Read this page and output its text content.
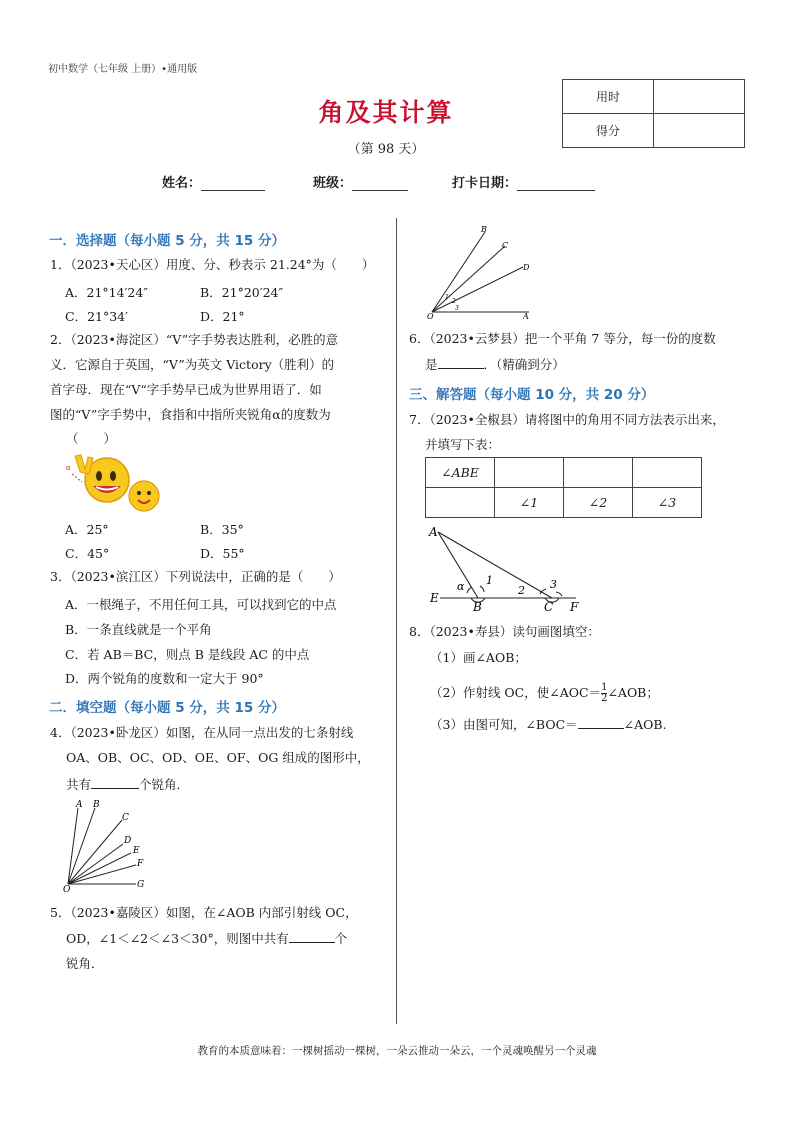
初中数学（七年级 上册）•通用版
角及其计算
（第 98 天）
用时	
得分	
姓名：	班级：	打卡日期：
一．选择题（每小题 5 分，共 15 分）
1．（2023•天心区）用度、分、秒表示 21.24°为（　　）
A．21°14′24″	B．21°20′24″
C．21°34′	D．21°
2．（2023•海淀区）“V”字手势表达胜利，必胜的意
义．它源自于英国，“V”为英文 Victory（胜利）的
首字母．现在“V“字手势早已成为世界用语了．如
图的“V”字手势中，食指和中指所夹锐角α的度数为
（　　）
α
A．25°	B．35°
C．45°	D．55°
3．（2023•滨江区）下列说法中，正确的是（　　）
A．一根绳子，不用任何工具，可以找到它的中点
B．一条直线就是一个平角
C．若 AB＝BC，则点 B 是线段 AC 的中点
D．两个锐角的度数和一定大于 90°
二．填空题（每小题 5 分，共 15 分）
4．（2023•卧龙区）如图，在从同一点出发的七条射线
OA、OB、OC、OD、OE、OF、OG 组成的图形中，
共有	个锐角．
A B
C
D
E
F
G
O
5．（2023•嘉陵区）如图，在∠AOB 内部引射线 OC，
OD，∠1＜∠2＜∠3＜30°，则图中共有	个
锐角．
B
C
D
O	A
1
2
3
6．（2023•云梦县）把一个平角 7 等分，每一份的度数
是	．（精确到分）
三、解答题（每小题 10 分，共 20 分）
7．（2023•全椒县）请将图中的角用不同方法表示出来，
并填写下表：
∠ABE			
	∠1	∠2	∠3
A
E
B	C F
α 1
2 3
8．（2023•寿县）读句画图填空：
（1）画∠AOB；
（2）作射线 OC，使∠AOC＝ $\frac{1}{2}$ ∠AOB；
（3）由图可知，∠BOC＝	∠AOB.
教育的本质意味着：一棵树摇动一棵树，一朵云推动一朵云，一个灵魂唤醒另一个灵魂
